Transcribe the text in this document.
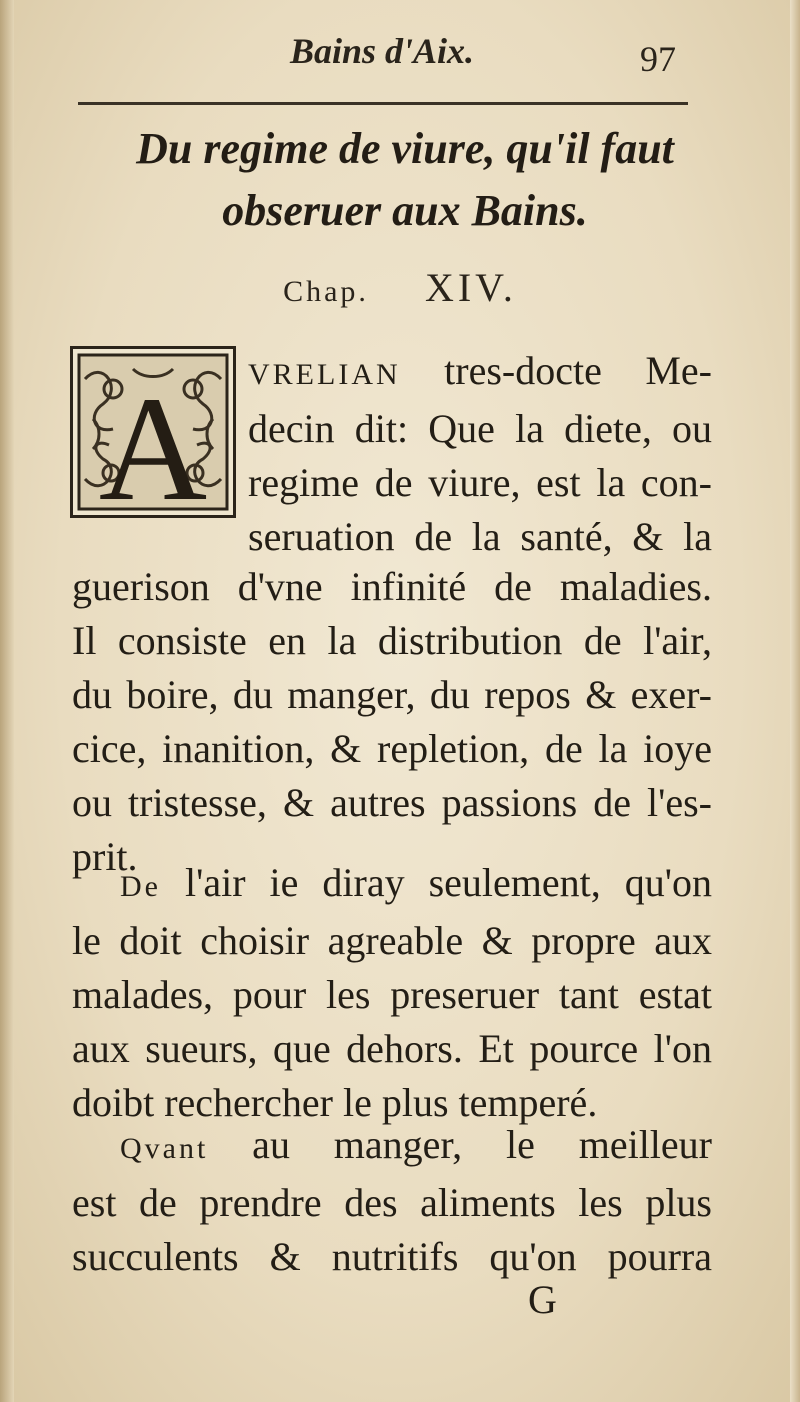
Bains d'Aix.	97
Du regime de viure, qu'il faut
obseruer aux Bains.
Chap. XIV.
A	VRELIAN tres-docte Me-
decin dit: Que la diete, ou
regime de viure, est la con-
seruation de la santé, & la
guerison d'vne infinité de maladies.
Il consiste en la distribution de l'air,
du boire, du manger, du repos & exer-
cice, inanition, & repletion, de la ioye
ou tristesse, & autres passions de l'es-
prit.
De l'air ie diray seulement, qu'on
le doit choisir agreable & propre aux
malades, pour les preseruer tant estat
aux sueurs, que dehors. Et pource l'on
doibt rechercher le plus temperé.
Qvant au manger, le meilleur
est de prendre des aliments les plus
succulents & nutritifs qu'on pourra
G
